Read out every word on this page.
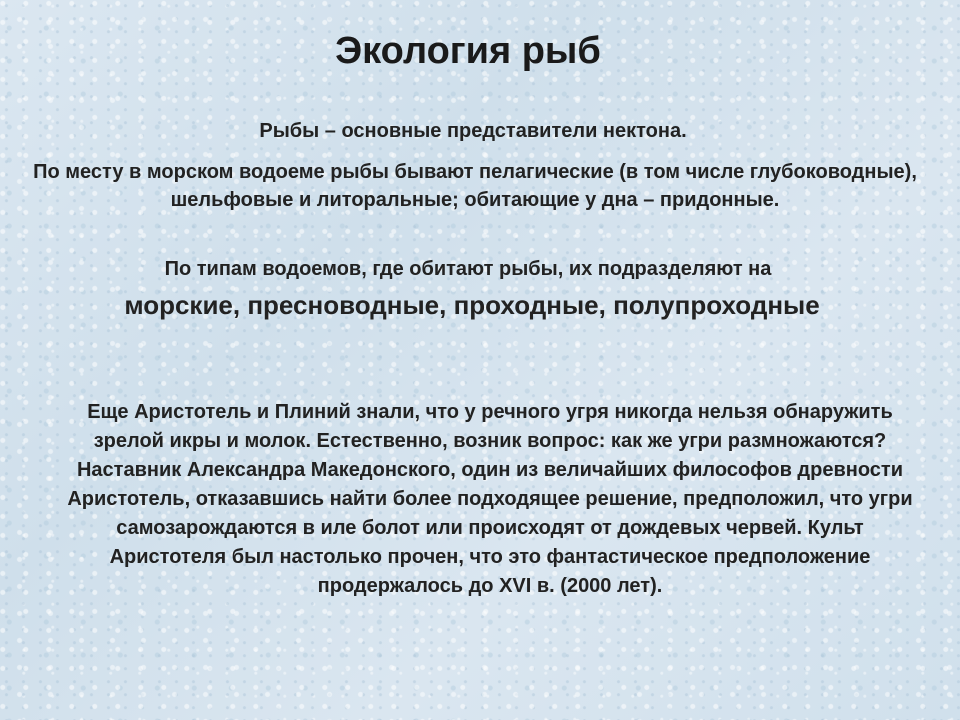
Экология рыб

Рыбы – основные представители нектона.

По месту в морском водоеме рыбы бывают пелагические (в том числе глубоководные), шельфовые и литоральные; обитающие у дна – придонные.

По типам водоемов, где обитают рыбы, их подразделяют на

морские, пресноводные, проходные, полупроходные

Еще Аристотель и Плиний знали, что у речного угря никогда нельзя обнаружить зрелой икры и молок. Естественно, возник вопрос: как же угри размножаются? Наставник Александра Македонского, один из величайших философов древности Аристотель, отказавшись найти более подходящее решение, предположил, что угри самозарождаются в иле болот или происходят от дождевых червей. Культ Аристотеля был настолько прочен, что это фантастическое предположение продержалось до XVI в. (2000 лет).
